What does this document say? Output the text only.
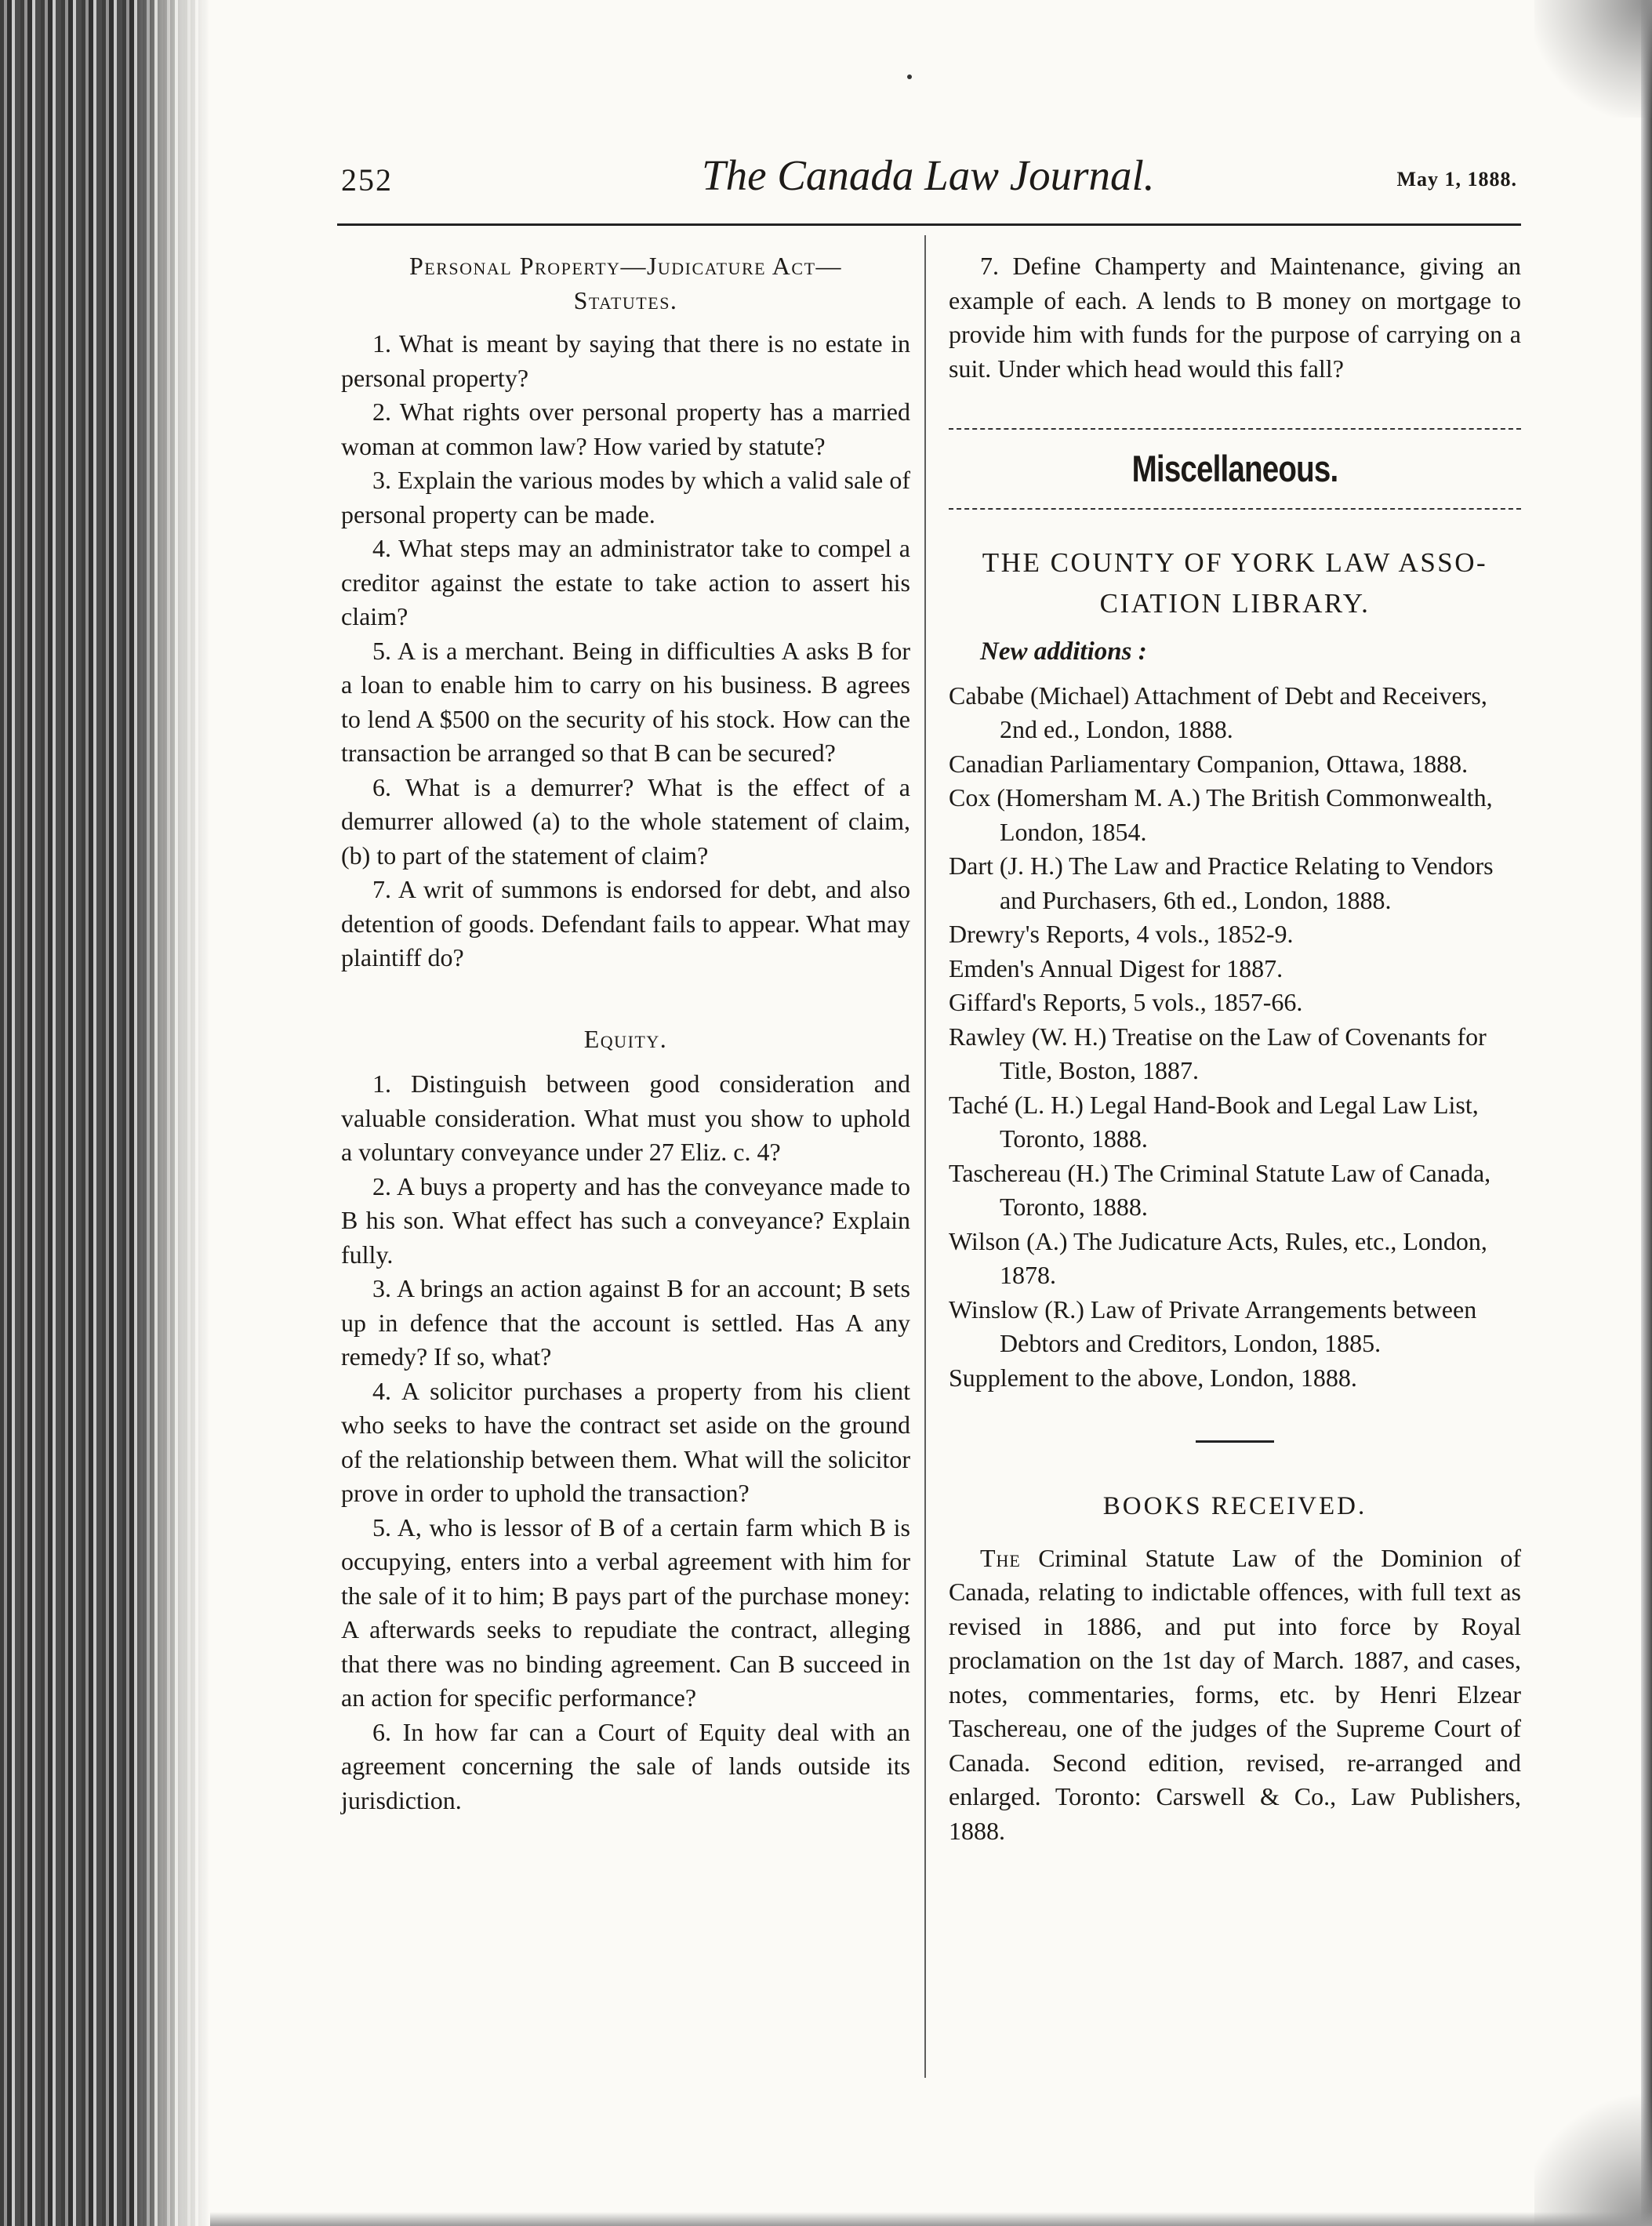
252	The Canada Law Journal.	May 1, 1888.

Personal Property—Judicature Act—
Statutes.

1. What is meant by saying that there is no estate in personal property?

2. What rights over personal property has a married woman at common law? How varied by statute?

3. Explain the various modes by which a valid sale of personal property can be made.

4. What steps may an administrator take to compel a creditor against the estate to take action to assert his claim?

5. A is a merchant. Being in difficulties A asks B for a loan to enable him to carry on his business. B agrees to lend A $500 on the security of his stock. How can the transaction be arranged so that B can be secured?

6. What is a demurrer? What is the effect of a demurrer allowed (a) to the whole statement of claim, (b) to part of the statement of claim?

7. A writ of summons is endorsed for debt, and also detention of goods. Defendant fails to appear. What may plaintiff do?

Equity.

1. Distinguish between good consideration and valuable consideration. What must you show to uphold a voluntary conveyance under 27 Eliz. c. 4?

2. A buys a property and has the conveyance made to B his son. What effect has such a conveyance? Explain fully.

3. A brings an action against B for an account; B sets up in defence that the account is settled. Has A any remedy? If so, what?

4. A solicitor purchases a property from his client who seeks to have the contract set aside on the ground of the relationship between them. What will the solicitor prove in order to uphold the transaction?

5. A, who is lessor of B of a certain farm which B is occupying, enters into a verbal agreement with him for the sale of it to him; B pays part of the purchase money: A afterwards seeks to repudiate the contract, alleging that there was no binding agreement. Can B succeed in an action for specific performance?

6. In how far can a Court of Equity deal with an agreement concerning the sale of lands outside its jurisdiction.

7. Define Champerty and Maintenance, giving an example of each. A lends to B money on mortgage to provide him with funds for the purpose of carrying on a suit. Under which head would this fall?

Miscellaneous.

THE COUNTY OF YORK LAW ASSO-
CIATION LIBRARY.

New additions :

Cababe (Michael) Attachment of Debt and Receivers, 2nd ed., London, 1888.

Canadian Parliamentary Companion, Ottawa, 1888.

Cox (Homersham M. A.) The British Commonwealth, London, 1854.

Dart (J. H.) The Law and Practice Relating to Vendors and Purchasers, 6th ed., London, 1888.

Drewry's Reports, 4 vols., 1852-9.

Emden's Annual Digest for 1887.

Giffard's Reports, 5 vols., 1857-66.

Rawley (W. H.) Treatise on the Law of Covenants for Title, Boston, 1887.

Taché (L. H.) Legal Hand-Book and Legal Law List, Toronto, 1888.

Taschereau (H.) The Criminal Statute Law of Canada, Toronto, 1888.

Wilson (A.) The Judicature Acts, Rules, etc., London, 1878.

Winslow (R.) Law of Private Arrangements between Debtors and Creditors, London, 1885.

Supplement to the above, London, 1888.

BOOKS RECEIVED.

The Criminal Statute Law of the Dominion of Canada, relating to indictable offences, with full text as revised in 1886, and put into force by Royal proclamation on the 1st day of March. 1887, and cases, notes, commentaries, forms, etc. by Henri Elzear Taschereau, one of the judges of the Supreme Court of Canada. Second edition, revised, re-arranged and enlarged. Toronto: Carswell & Co., Law Publishers, 1888.
